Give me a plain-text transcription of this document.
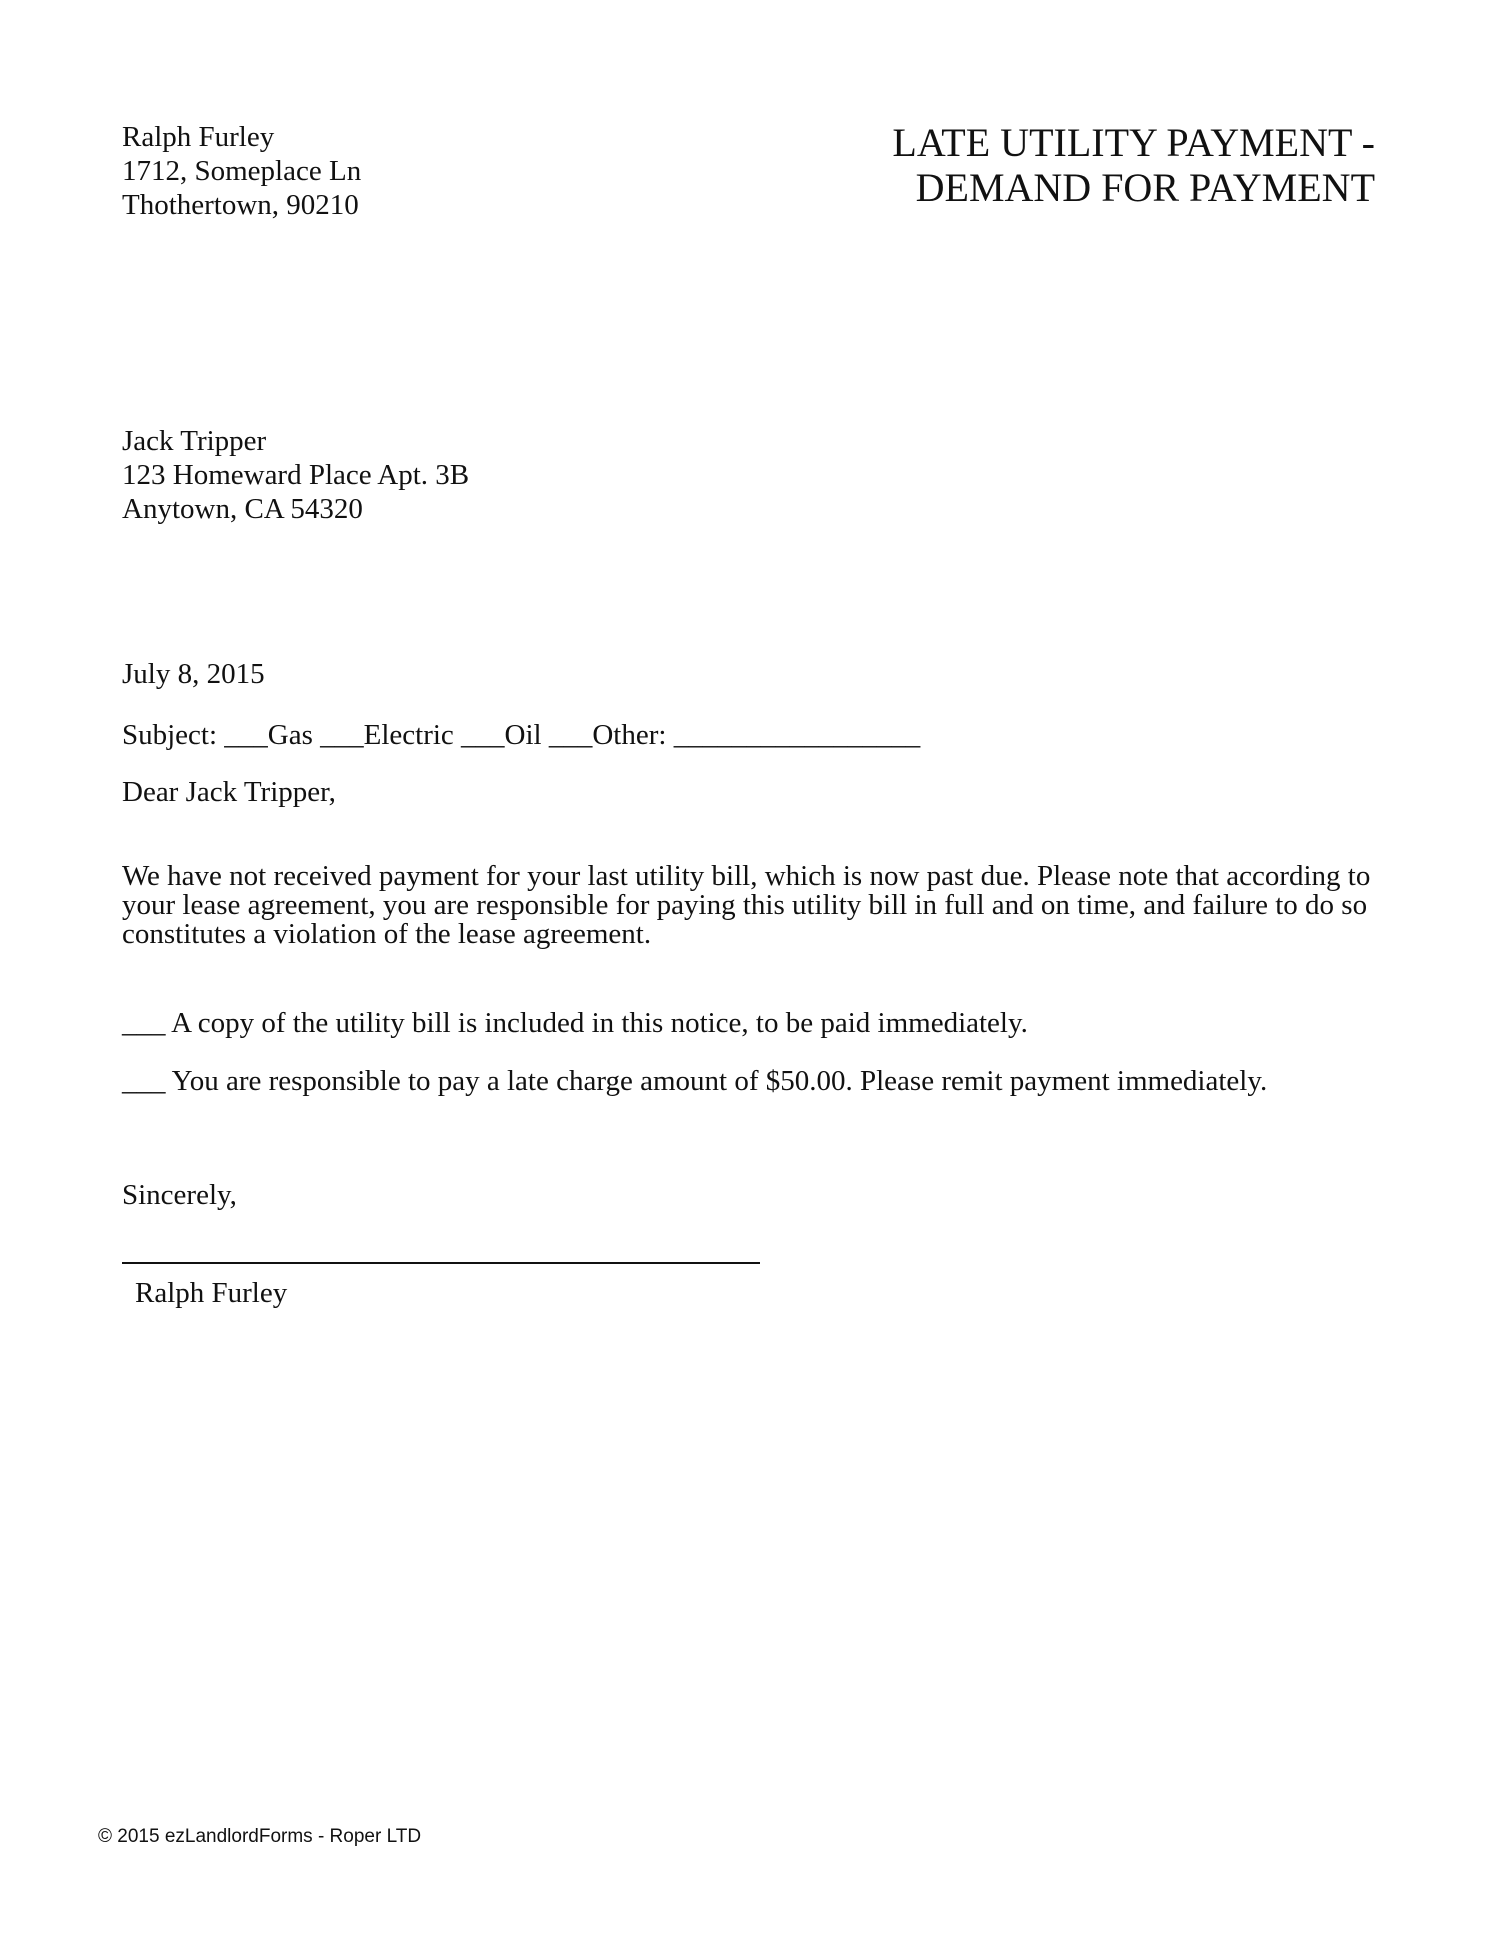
Ralph Furley
1712, Someplace Ln
Thothertown, 90210
LATE UTILITY PAYMENT -
DEMAND FOR PAYMENT
Jack Tripper
123 Homeward Place Apt. 3B
Anytown, CA 54320
July 8, 2015
Subject: ___Gas ___Electric ___Oil ___Other: _________________
Dear Jack Tripper,
We have not received payment for your last utility bill, which is now past due. Please note that according to your lease agreement, you are responsible for paying this utility bill in full and on time, and failure to do so constitutes a violation of the lease agreement.
___ A copy of the utility bill is included in this notice, to be paid immediately.
___ You are responsible to pay a late charge amount of $50.00. Please remit payment immediately.
Sincerely,
Ralph Furley
© 2015 ezLandlordForms - Roper LTD
